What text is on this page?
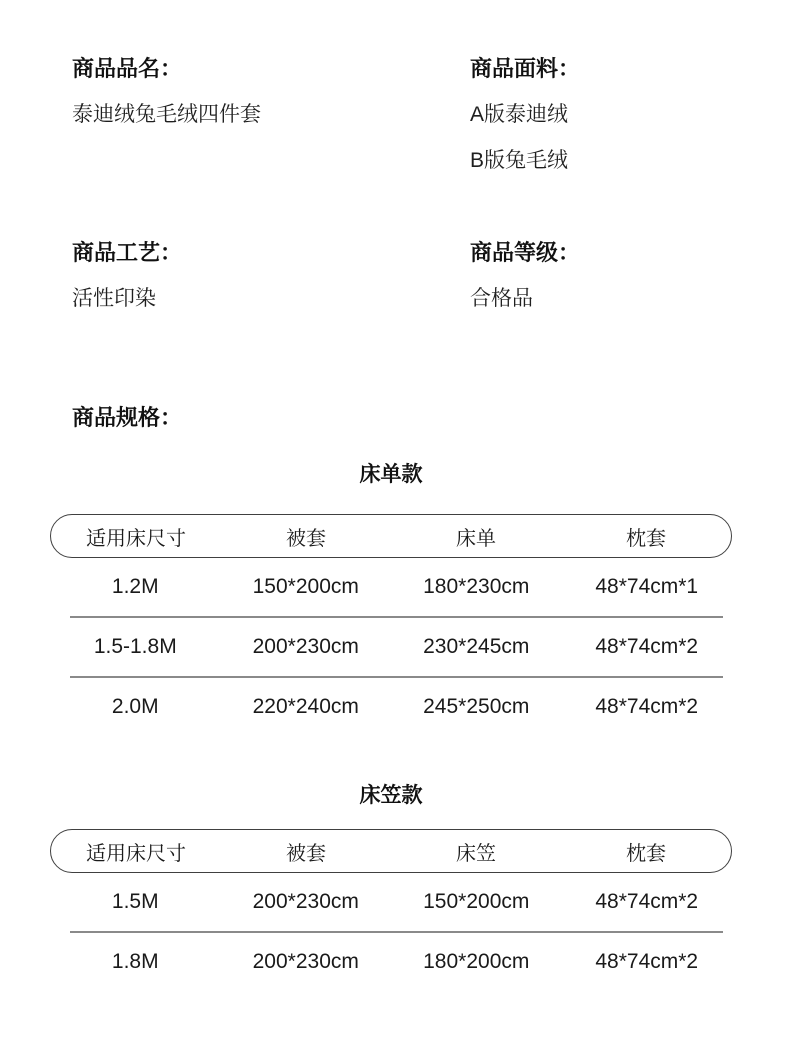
商品品名：
泰迪绒兔毛绒四件套
商品面料：
A版泰迪绒
B版兔毛绒
商品工艺：
活性印染
商品等级：
合格品
商品规格：
床单款
适用床尺寸	被套	床单	枕套
1.2M	150*200cm	180*230cm	48*74cm*1
1.5-1.8M	200*230cm	230*245cm	48*74cm*2
2.0M	220*240cm	245*250cm	48*74cm*2
床笠款
适用床尺寸	被套	床笠	枕套
1.5M	200*230cm	150*200cm	48*74cm*2
1.8M	200*230cm	180*200cm	48*74cm*2
